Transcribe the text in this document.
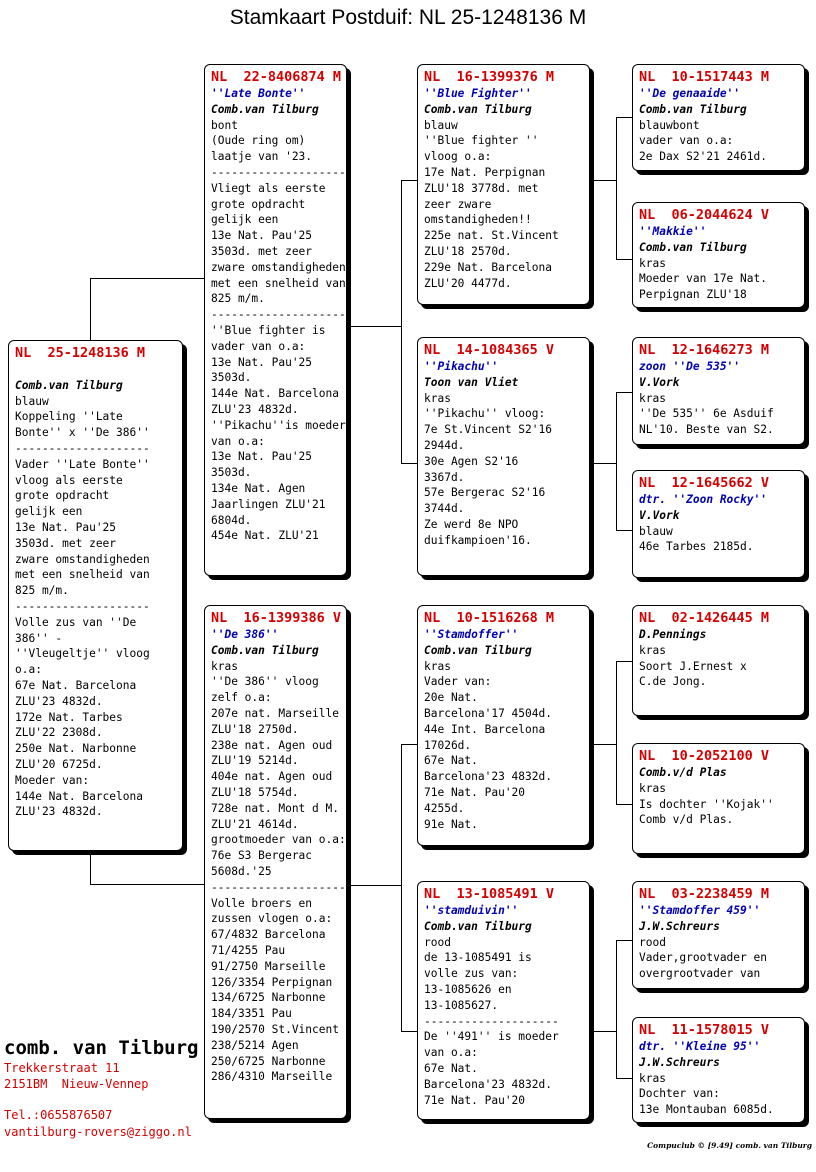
Stamkaart Postduif: NL 25-1248136 M
NL  25-1248136 M
Comb.van Tilburg
blauw
Koppeling ''Late
Bonte'' x ''De 386''
--------------------
Vader ''Late Bonte''
vloog als eerste
grote opdracht
gelijk een
13e Nat. Pau'25
3503d. met zeer
zware omstandigheden
met een snelheid van
825 m/m.
--------------------
Volle zus van ''De
386'' -
''Vleugeltje'' vloog
o.a:
67e Nat. Barcelona
ZLU'23 4832d.
172e Nat. Tarbes
ZLU'22 2308d.
250e Nat. Narbonne
ZLU'20 6725d.
Moeder van:
144e Nat. Barcelona
ZLU'23 4832d.
NL  22-8406874 M
''Late Bonte''
Comb.van Tilburg
bont
(Oude ring om)
laatje van '23.
--------------------
Vliegt als eerste
grote opdracht
gelijk een
13e Nat. Pau'25
3503d. met zeer
zware omstandigheden
met een snelheid van
825 m/m.
--------------------
''Blue fighter is
vader van o.a:
13e Nat. Pau'25
3503d.
144e Nat. Barcelona
ZLU'23 4832d.
''Pikachu''is moeder
van o.a:
13e Nat. Pau'25
3503d.
134e Nat. Agen
Jaarlingen ZLU'21
6804d.
454e Nat. ZLU'21
NL  16-1399386 V
''De 386''
Comb.van Tilburg
kras
''De 386'' vloog
zelf o.a:
207e nat. Marseille
ZLU'18 2750d.
238e nat. Agen oud
ZLU'19 5214d.
404e nat. Agen oud
ZLU'18 5754d.
728e nat. Mont d M.
ZLU'21 4614d.
grootmoeder van o.a:
76e S3 Bergerac
5608d.'25
--------------------
Volle broers en
zussen vlogen o.a:
67/4832 Barcelona
71/4255 Pau
91/2750 Marseille
126/3354 Perpignan
134/6725 Narbonne
184/3351 Pau
190/2570 St.Vincent
238/5214 Agen
250/6725 Narbonne
286/4310 Marseille
NL  16-1399376 M
''Blue Fighter''
Comb.van Tilburg
blauw
''Blue fighter ''
vloog o.a:
17e Nat. Perpignan
ZLU'18 3778d. met
zeer zware
omstandigheden!!
225e nat. St.Vincent
ZLU'18 2570d.
229e Nat. Barcelona
ZLU'20 4477d.
NL  14-1084365 V
''Pikachu''
Toon van Vliet
kras
''Pikachu'' vloog:
7e St.Vincent S2'16
2944d.
30e Agen S2'16
3367d.
57e Bergerac S2'16
3744d.
Ze werd 8e NPO
duifkampioen'16.
NL  10-1516268 M
''Stamdoffer''
Comb.van Tilburg
kras
Vader van:
20e Nat.
Barcelona'17 4504d.
44e Int. Barcelona
17026d.
67e Nat.
Barcelona'23 4832d.
71e Nat. Pau'20
4255d.
91e Nat.
NL  13-1085491 V
''stamduivin''
Comb.van Tilburg
rood
de 13-1085491 is
volle zus van:
13-1085626 en
13-1085627.
--------------------
De ''491'' is moeder
van o.a:
67e Nat.
Barcelona'23 4832d.
71e Nat. Pau'20
NL  10-1517443 M
''De genaaide''
Comb.van Tilburg
blauwbont
vader van o.a:
2e Dax S2'21 2461d.
NL  06-2044624 V
''Makkie''
Comb.van Tilburg
kras
Moeder van 17e Nat.
Perpignan ZLU'18
NL  12-1646273 M
zoon ''De 535''
V.Vork
kras
''De 535'' 6e Asduif
NL'10. Beste van S2.
NL  12-1645662 V
dtr. ''Zoon Rocky''
V.Vork
blauw
46e Tarbes 2185d.
NL  02-1426445 M
D.Pennings
kras
Soort J.Ernest x
C.de Jong.
NL  10-2052100 V
Comb.v/d Plas
kras
Is dochter ''Kojak''
Comb v/d Plas.
NL  03-2238459 M
''Stamdoffer 459''
J.W.Schreurs
rood
Vader,grootvader en
overgrootvader van
NL  11-1578015 V
dtr. ''Kleine 95''
J.W.Schreurs
kras
Dochter van:
13e Montauban 6085d.
comb. van Tilburg
Trekkerstraat 11
2151BM  Nieuw-Vennep
Tel.:0655876507
vantilburg-rovers@ziggo.nl
Compuclub © [9.49] comb. van Tilburg
